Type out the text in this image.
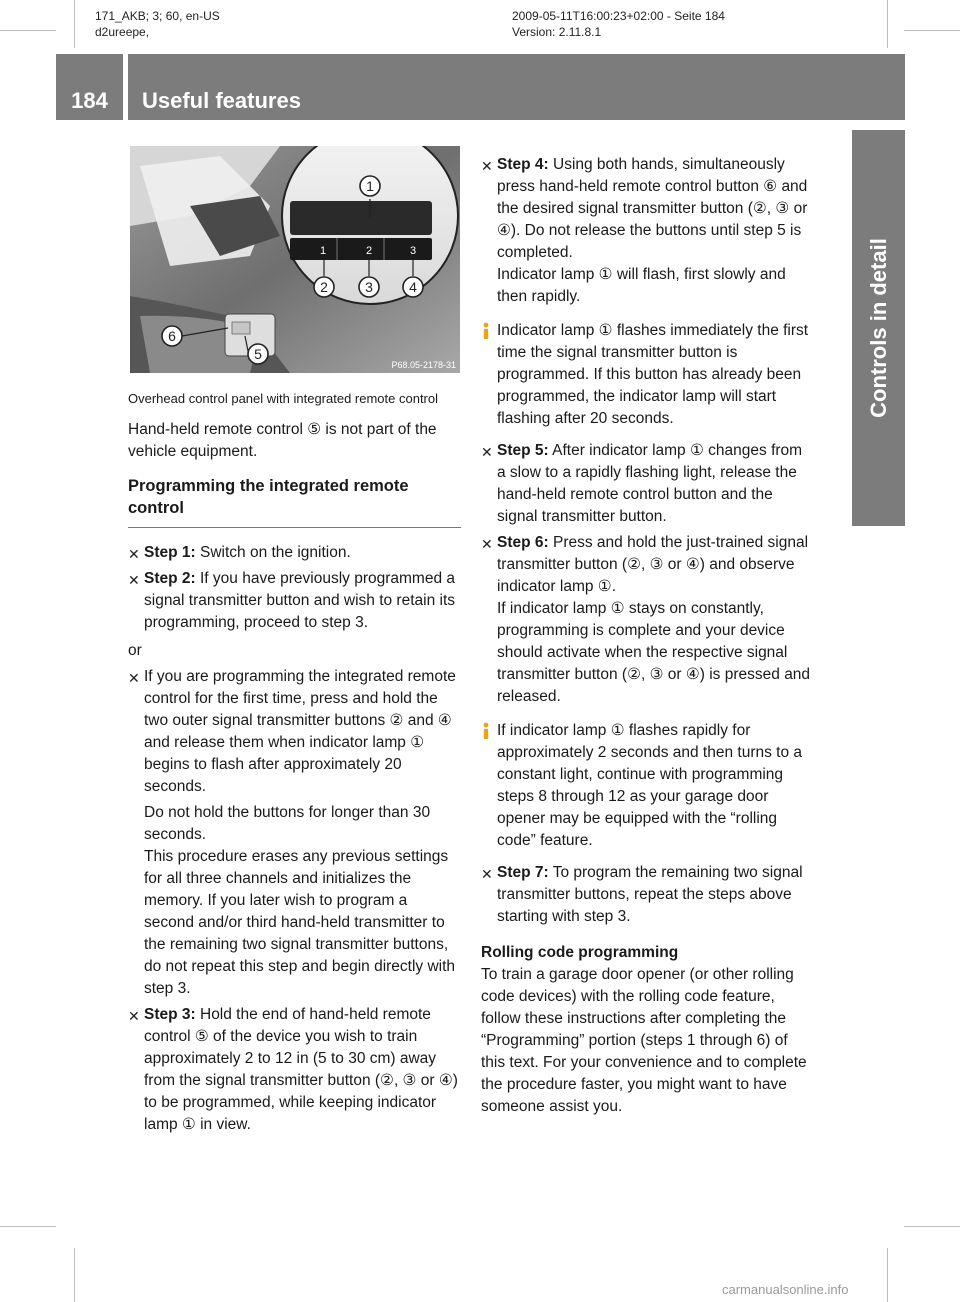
171_AKB; 3; 60, en-US
d2ureepe,
2009-05-11T16:00:23+02:00 - Seite 184
Version: 2.11.8.1
184	Useful features
Controls in detail
1	2	3
1
2	3	4
5
6
P68.05-2178-31
Overhead control panel with integrated remote control

Hand-held remote control ⑤ is not part of the vehicle equipment.

Programming the integrated remote control
✕ Step 1: Switch on the ignition.
✕ Step 2: If you have previously programmed a signal transmitter button and wish to retain its programming, proceed to step 3.
or
✕ If you are programming the integrated remote control for the first time, press and hold the two outer signal transmitter buttons ② and ④ and release them when indicator lamp ① begins to flash after approximately 20 seconds.
Do not hold the buttons for longer than 30 seconds.
This procedure erases any previous settings for all three channels and initializes the memory. If you later wish to program a second and/or third hand-held transmitter to the remaining two signal transmitter buttons, do not repeat this step and begin directly with step 3.
✕ Step 3: Hold the end of hand-held remote control ⑤ of the device you wish to train approximately 2 to 12 in (5 to 30 cm) away from the signal transmitter button (②, ③ or ④) to be programmed, while keeping indicator lamp ① in view.
✕ Step 4: Using both hands, simultaneously press hand-held remote control button ⑥ and the desired signal transmitter button (②, ③ or ④). Do not release the buttons until step 5 is completed.
Indicator lamp ① will flash, first slowly and then rapidly.
Indicator lamp ① flashes immediately the first time the signal transmitter button is programmed. If this button has already been programmed, the indicator lamp will start flashing after 20 seconds.
✕ Step 5: After indicator lamp ① changes from a slow to a rapidly flashing light, release the hand-held remote control button and the signal transmitter button.
✕ Step 6: Press and hold the just-trained signal transmitter button (②, ③ or ④) and observe indicator lamp ①.
If indicator lamp ① stays on constantly, programming is complete and your device should activate when the respective signal transmitter button (②, ③ or ④) is pressed and released.
If indicator lamp ① flashes rapidly for approximately 2 seconds and then turns to a constant light, continue with programming steps 8 through 12 as your garage door opener may be equipped with the “rolling code” feature.
✕ Step 7: To program the remaining two signal transmitter buttons, repeat the steps above starting with step 3.
Rolling code programming

To train a garage door opener (or other rolling code devices) with the rolling code feature, follow these instructions after completing the “Programming” portion (steps 1 through 6) of this text. For your convenience and to complete the procedure faster, you might want to have someone assist you.

carmanualsonline.info
